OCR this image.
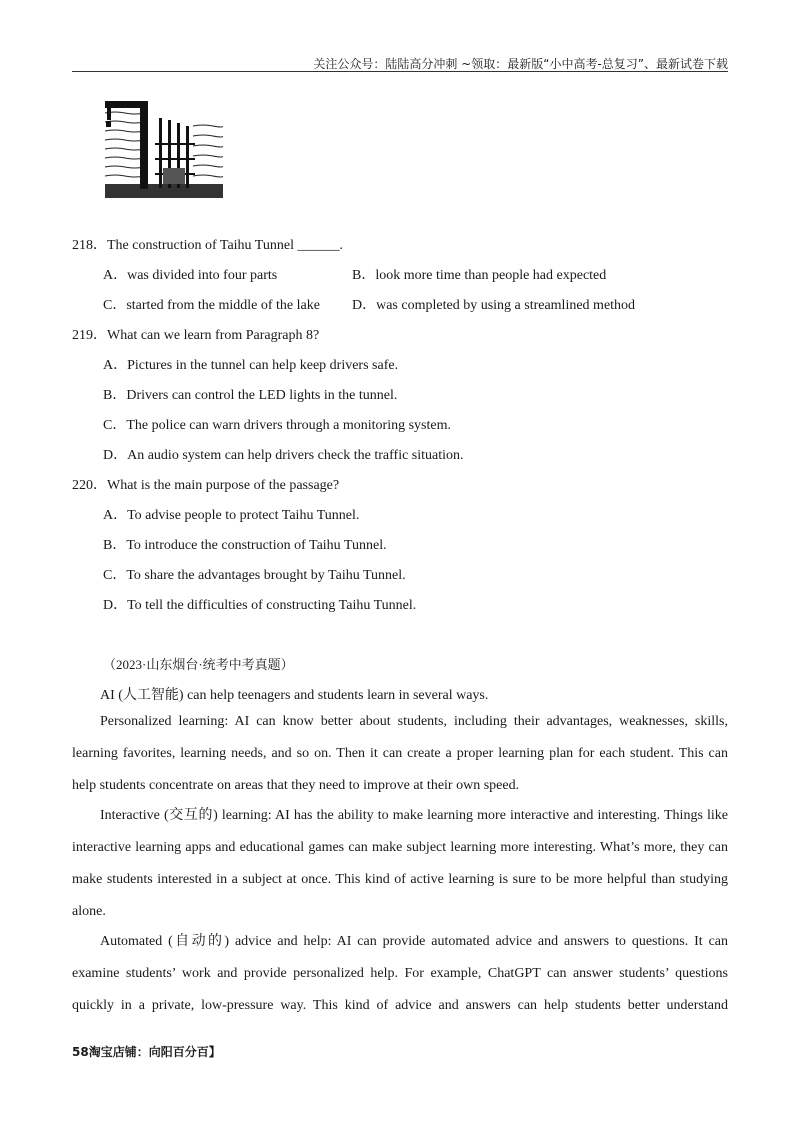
关注公众号：陆陆高分冲刺 ~领取：最新版“小中高考-总复习”、最新试卷下载
218．The construction of Taihu Tunnel ______.
A．was divided into four parts	B．look more time than people had expected
C．started from the middle of the lake D．was completed by using a streamlined method
219．What can we learn from Paragraph 8?
A．Pictures in the tunnel can help keep drivers safe.
B．Drivers can control the LED lights in the tunnel.
C．The police can warn drivers through a monitoring system.
D．An audio system can help drivers check the traffic situation.
220．What is the main purpose of the passage?
A．To advise people to protect Taihu Tunnel.
B．To introduce the construction of Taihu Tunnel.
C．To share the advantages brought by Taihu Tunnel.
D．To tell the difficulties of constructing Taihu Tunnel.
（2023·山东烟台·统考中考真题）
AI (人工智能) can help teenagers and students learn in several ways.
Personalized learning: AI can know better about students, including their advantages, weaknesses, skills,
learning favorites, learning needs, and so on. Then it can create a proper learning plan for each student. This can
help students concentrate on areas that they need to improve at their own speed.
Interactive (交互的) learning: AI has the ability to make learning more interactive and interesting. Things like
interactive learning apps and educational games can make subject learning more interesting. What’s more, they can
make students interested in a subject at once. This kind of active learning is sure to be more helpful than studying
alone.
Automated (自动的) advice and help: AI can provide automated advice and answers to questions. It can
examine students’ work and provide personalized help. For example, ChatGPT can answer students’ questions
quickly in a private, low-pressure way. This kind of advice and answers can help students better understand
58淘宝店铺：向阳百分百】
